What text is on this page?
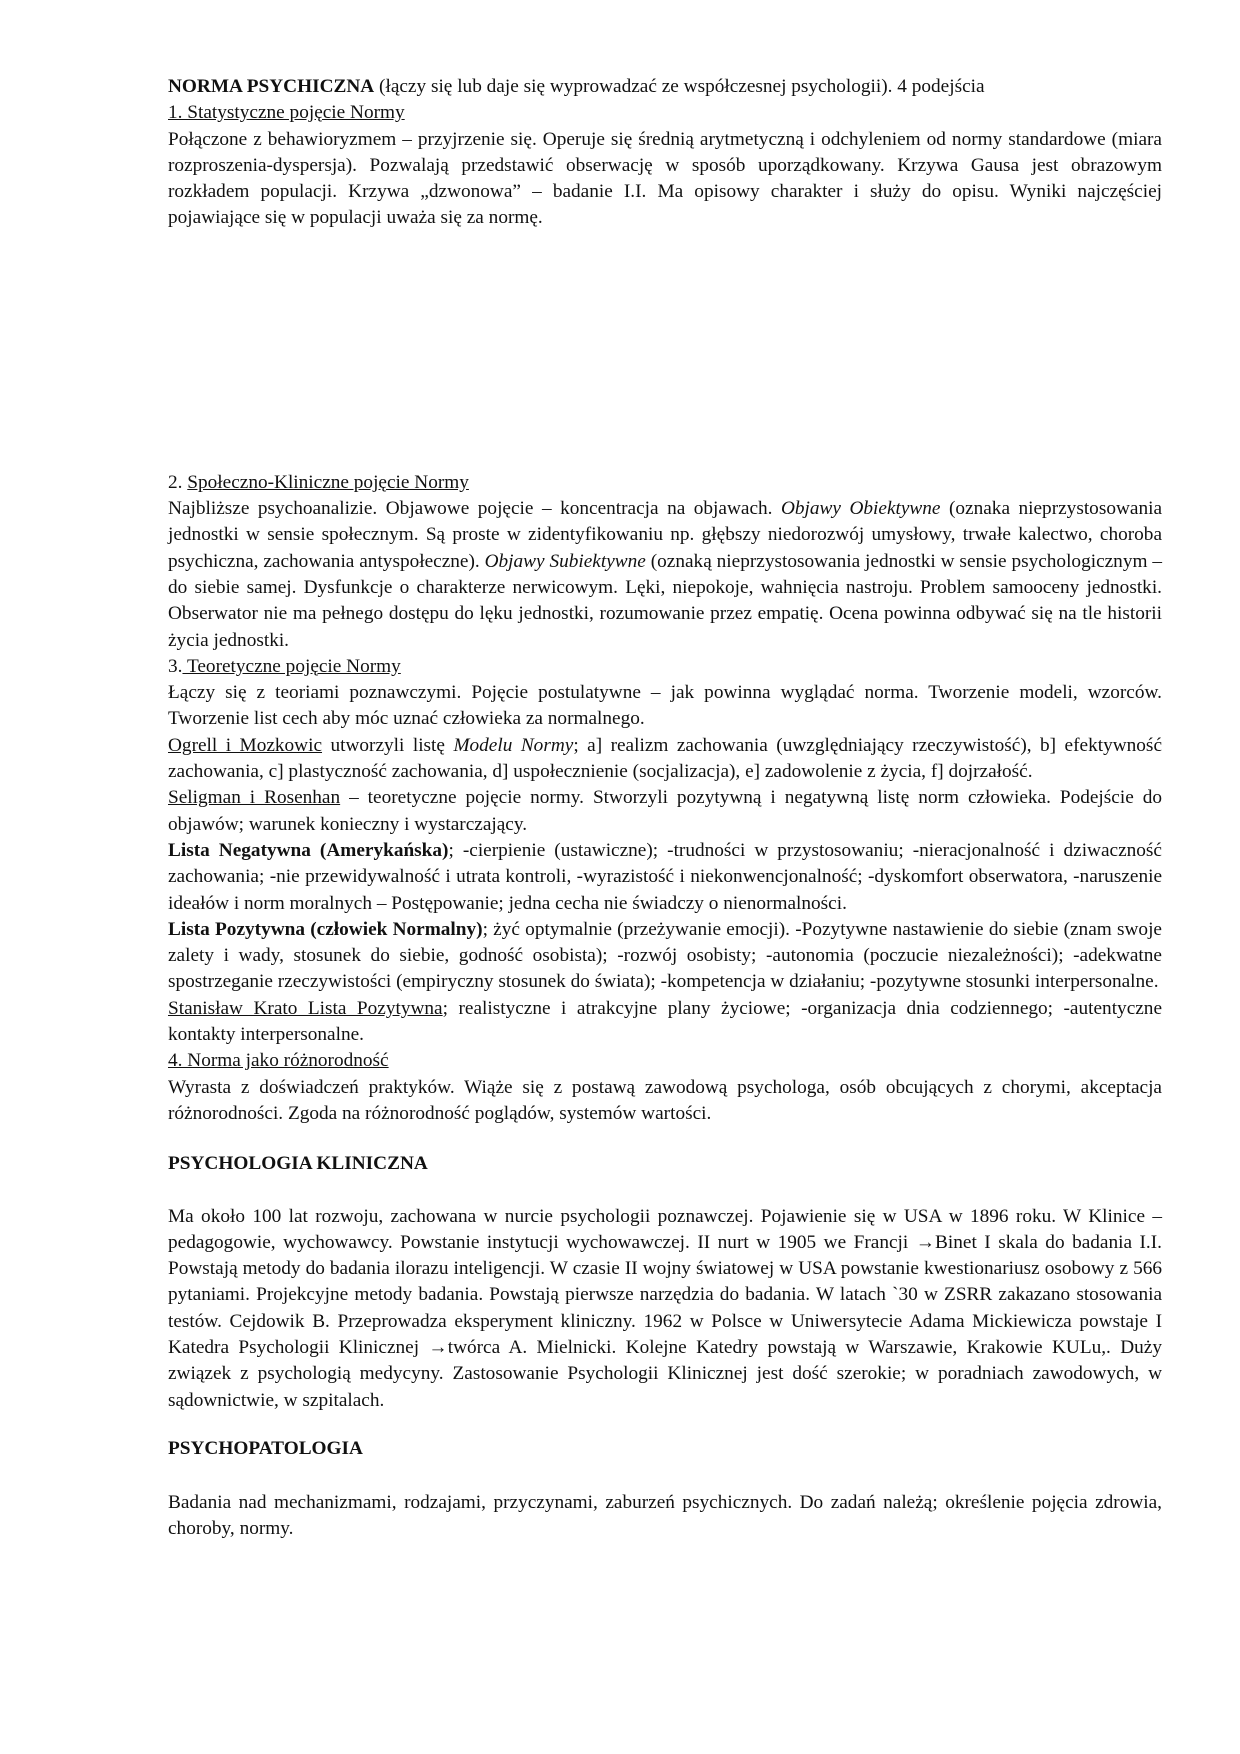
NORMA PSYCHICZNA (łączy się lub daje się wyprowadzać ze współczesnej psychologii). 4 podejścia

1. Statystyczne pojęcie Normy

Połączone z behawioryzmem – przyjrzenie się. Operuje się średnią arytmetyczną i odchyleniem od normy standardowe (miara rozproszenia-dyspersja). Pozwalają przedstawić obserwację w sposób uporządkowany. Krzywa Gausa jest obrazowym rozkładem populacji. Krzywa „dzwonowa” – badanie I.I. Ma opisowy charakter i służy do opisu. Wyniki najczęściej pojawiające się w populacji uważa się za normę.

2. Społeczno-Kliniczne pojęcie Normy

Najbliższe psychoanalizie. Objawowe pojęcie – koncentracja na objawach. Objawy Obiektywne (oznaka nieprzystosowania jednostki w sensie społecznym. Są proste w zidentyfikowaniu np. głębszy niedorozwój umysłowy, trwałe kalectwo, choroba psychiczna, zachowania antyspołeczne). Objawy Subiektywne (oznaką nieprzystosowania jednostki w sensie psychologicznym – do siebie samej. Dysfunkcje o charakterze nerwicowym. Lęki, niepokoje, wahnięcia nastroju. Problem samooceny jednostki. Obserwator nie ma pełnego dostępu do lęku jednostki, rozumowanie przez empatię. Ocena powinna odbywać się na tle historii życia jednostki.

3. Teoretyczne pojęcie Normy

Łączy się z teoriami poznawczymi. Pojęcie postulatywne – jak powinna wyglądać norma. Tworzenie modeli, wzorców. Tworzenie list cech aby móc uznać człowieka za normalnego.

Ogrell i Mozkowic utworzyli listę Modelu Normy; a] realizm zachowania (uwzględniający rzeczywistość), b] efektywność zachowania, c] plastyczność zachowania, d] uspołecznienie (socjalizacja), e] zadowolenie z życia, f] dojrzałość.

Seligman i Rosenhan – teoretyczne pojęcie normy. Stworzyli pozytywną i negatywną listę norm człowieka. Podejście do objawów; warunek konieczny i wystarczający.

Lista Negatywna (Amerykańska); -cierpienie (ustawiczne); -trudności w przystosowaniu; -nieracjonalność i dziwaczność zachowania; -nie przewidywalność i utrata kontroli, -wyrazistość i niekonwencjonalność; -dyskomfort obserwatora, -naruszenie ideałów i norm moralnych – Postępowanie; jedna cecha nie świadczy o nienormalności.

Lista Pozytywna (człowiek Normalny); żyć optymalnie (przeżywanie emocji). -Pozytywne nastawienie do siebie (znam swoje zalety i wady, stosunek do siebie, godność osobista); -rozwój osobisty; -autonomia (poczucie niezależności); -adekwatne spostrzeganie rzeczywistości (empiryczny stosunek do świata); -kompetencja w działaniu; -pozytywne stosunki interpersonalne.

Stanisław Krato Lista Pozytywna; realistyczne i atrakcyjne plany życiowe; -organizacja dnia codziennego; -autentyczne kontakty interpersonalne.

4. Norma jako różnorodność

Wyrasta z doświadczeń praktyków. Wiąże się z postawą zawodową psychologa, osób obcujących z chorymi, akceptacja różnorodności. Zgoda na różnorodność poglądów, systemów wartości.

PSYCHOLOGIA KLINICZNA

Ma około 100 lat rozwoju, zachowana w nurcie psychologii poznawczej. Pojawienie się w USA w 1896 roku. W Klinice – pedagogowie, wychowawcy. Powstanie instytucji wychowawczej. II nurt w 1905 we Francji →Binet I skala do badania I.I. Powstają metody do badania ilorazu inteligencji. W czasie II wojny światowej w USA powstanie kwestionariusz osobowy z 566 pytaniami. Projekcyjne metody badania. Powstają pierwsze narzędzia do badania. W latach `30 w ZSRR zakazano stosowania testów. Cejdowik B. Przeprowadza eksperyment kliniczny. 1962 w Polsce w Uniwersytecie Adama Mickiewicza powstaje I Katedra Psychologii Klinicznej →twórca A. Mielnicki. Kolejne Katedry powstają w Warszawie, Krakowie KULu,. Duży związek z psychologią medycyny. Zastosowanie Psychologii Klinicznej jest dość szerokie; w poradniach zawodowych, w sądownictwie, w szpitalach.

PSYCHOPATOLOGIA

Badania nad mechanizmami, rodzajami, przyczynami, zaburzeń psychicznych. Do zadań należą; określenie pojęcia zdrowia, choroby, normy.
